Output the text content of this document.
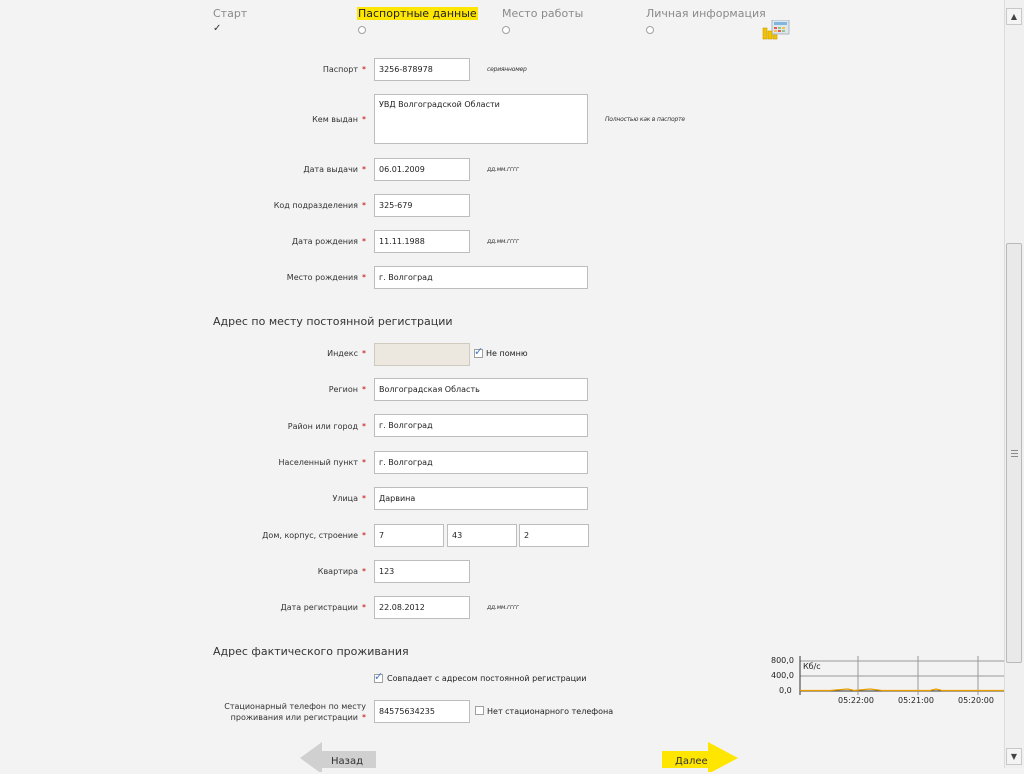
Старт
✓
Паспортные данные Место работы	Личная информация
Паспорт *	3256-878978	сериянномер
Кем выдан *
УВД Волгоградской Области
Полностью как в паспорте
Дата выдачи *	06.01.2009	дд.мм.гггг
Код подразделения *	325-679
Дата рождения *	11.11.1988	дд.мм.гггг
Место рождения *	г. Волгоград
Адрес по месту постоянной регистрации
Индекс *	✓ Не помню
Регион *	Волгоградская Область
Район или город *	г. Волгоград
Населенный пункт *	г. Волгоград
Улица *	Дарвина
Дом, корпус, строение *	7	43	2
Квартира *	123
Дата регистрации *	22.08.2012	дд.мм.гггг
Адрес фактического проживания
✓ Совпадает с адресом постоянной регистрации
Стационарный телефон по месту
проживания или регистрации *
84575634235	Нет стационарного телефона
Назад	Далее
800,0
400,0
0,0
Кб/с
05:22:00	05:21:00	05:20:00
▲
▼
